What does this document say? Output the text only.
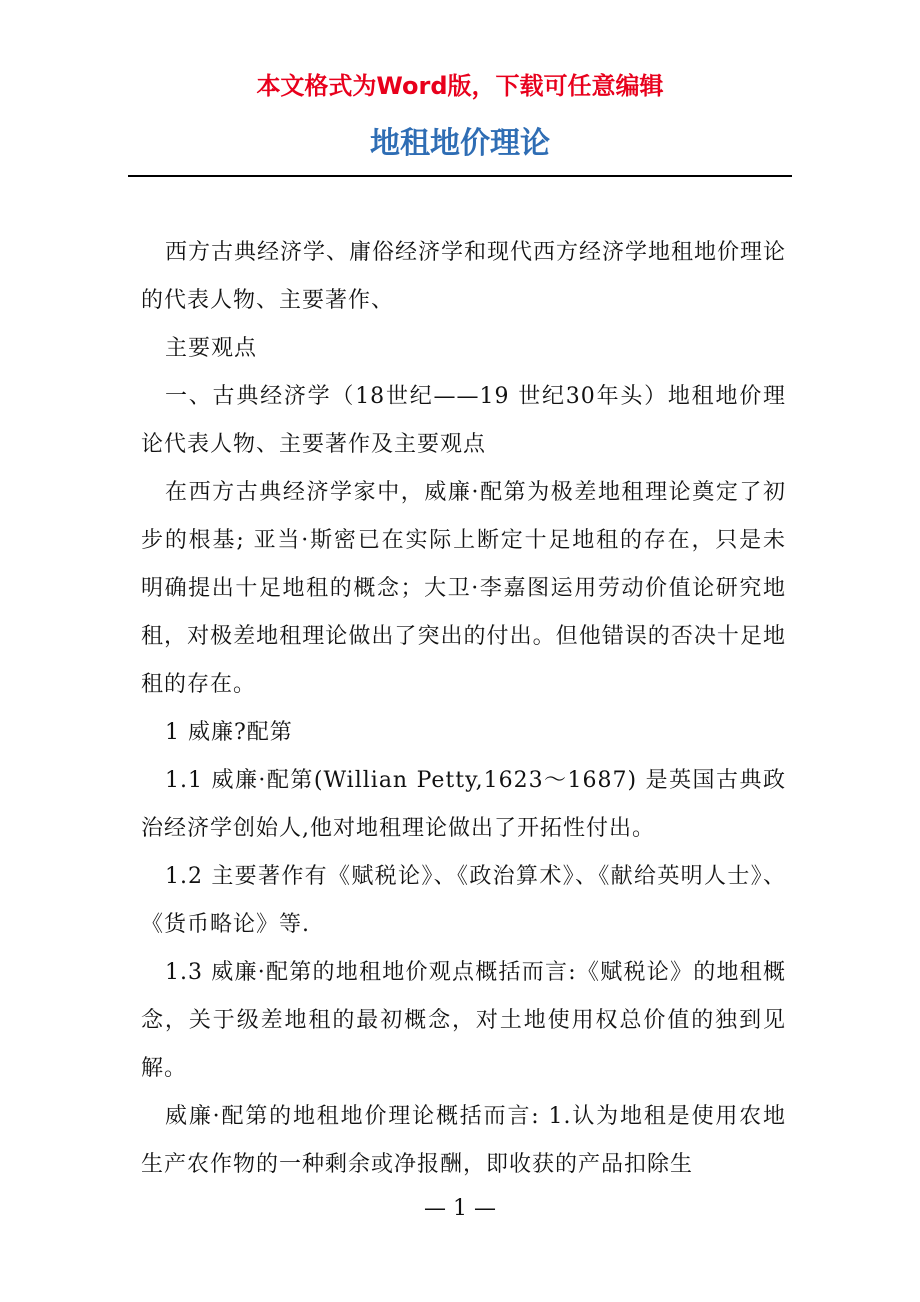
本文格式为Word版，下载可任意编辑
地租地价理论

西方古典经济学、庸俗经济学和现代西方经济学地租地价理论的代表人物、主要著作、

主要观点

一、古典经济学（18世纪——19 世纪30年头）地租地价理论代表人物、主要著作及主要观点

在西方古典经济学家中，威廉·配第为极差地租理论奠定了初步的根基; 亚当·斯密已在实际上断定十足地租的存在，只是未明确提出十足地租的概念；大卫·李嘉图运用劳动价值论研究地租，对极差地租理论做出了突出的付出。但他错误的否决十足地租的存在。

1 威廉?配第

1.1 威廉·配第(Willian Petty,1623～1687) 是英国古典政治经济学创始人,他对地租理论做出了开拓性付出。

1.2 主要著作有《赋税论》、《政治算术》、《献给英明人士》、《货币略论》等.

1.3 威廉·配第的地租地价观点概括而言:《赋税论》的地租概念，关于级差地租的最初概念，对土地使用权总价值的独到见解。

威廉·配第的地租地价理论概括而言: 1.认为地租是使用农地生产农作物的一种剩余或净报酬，即收获的产品扣除生

— 1 —
